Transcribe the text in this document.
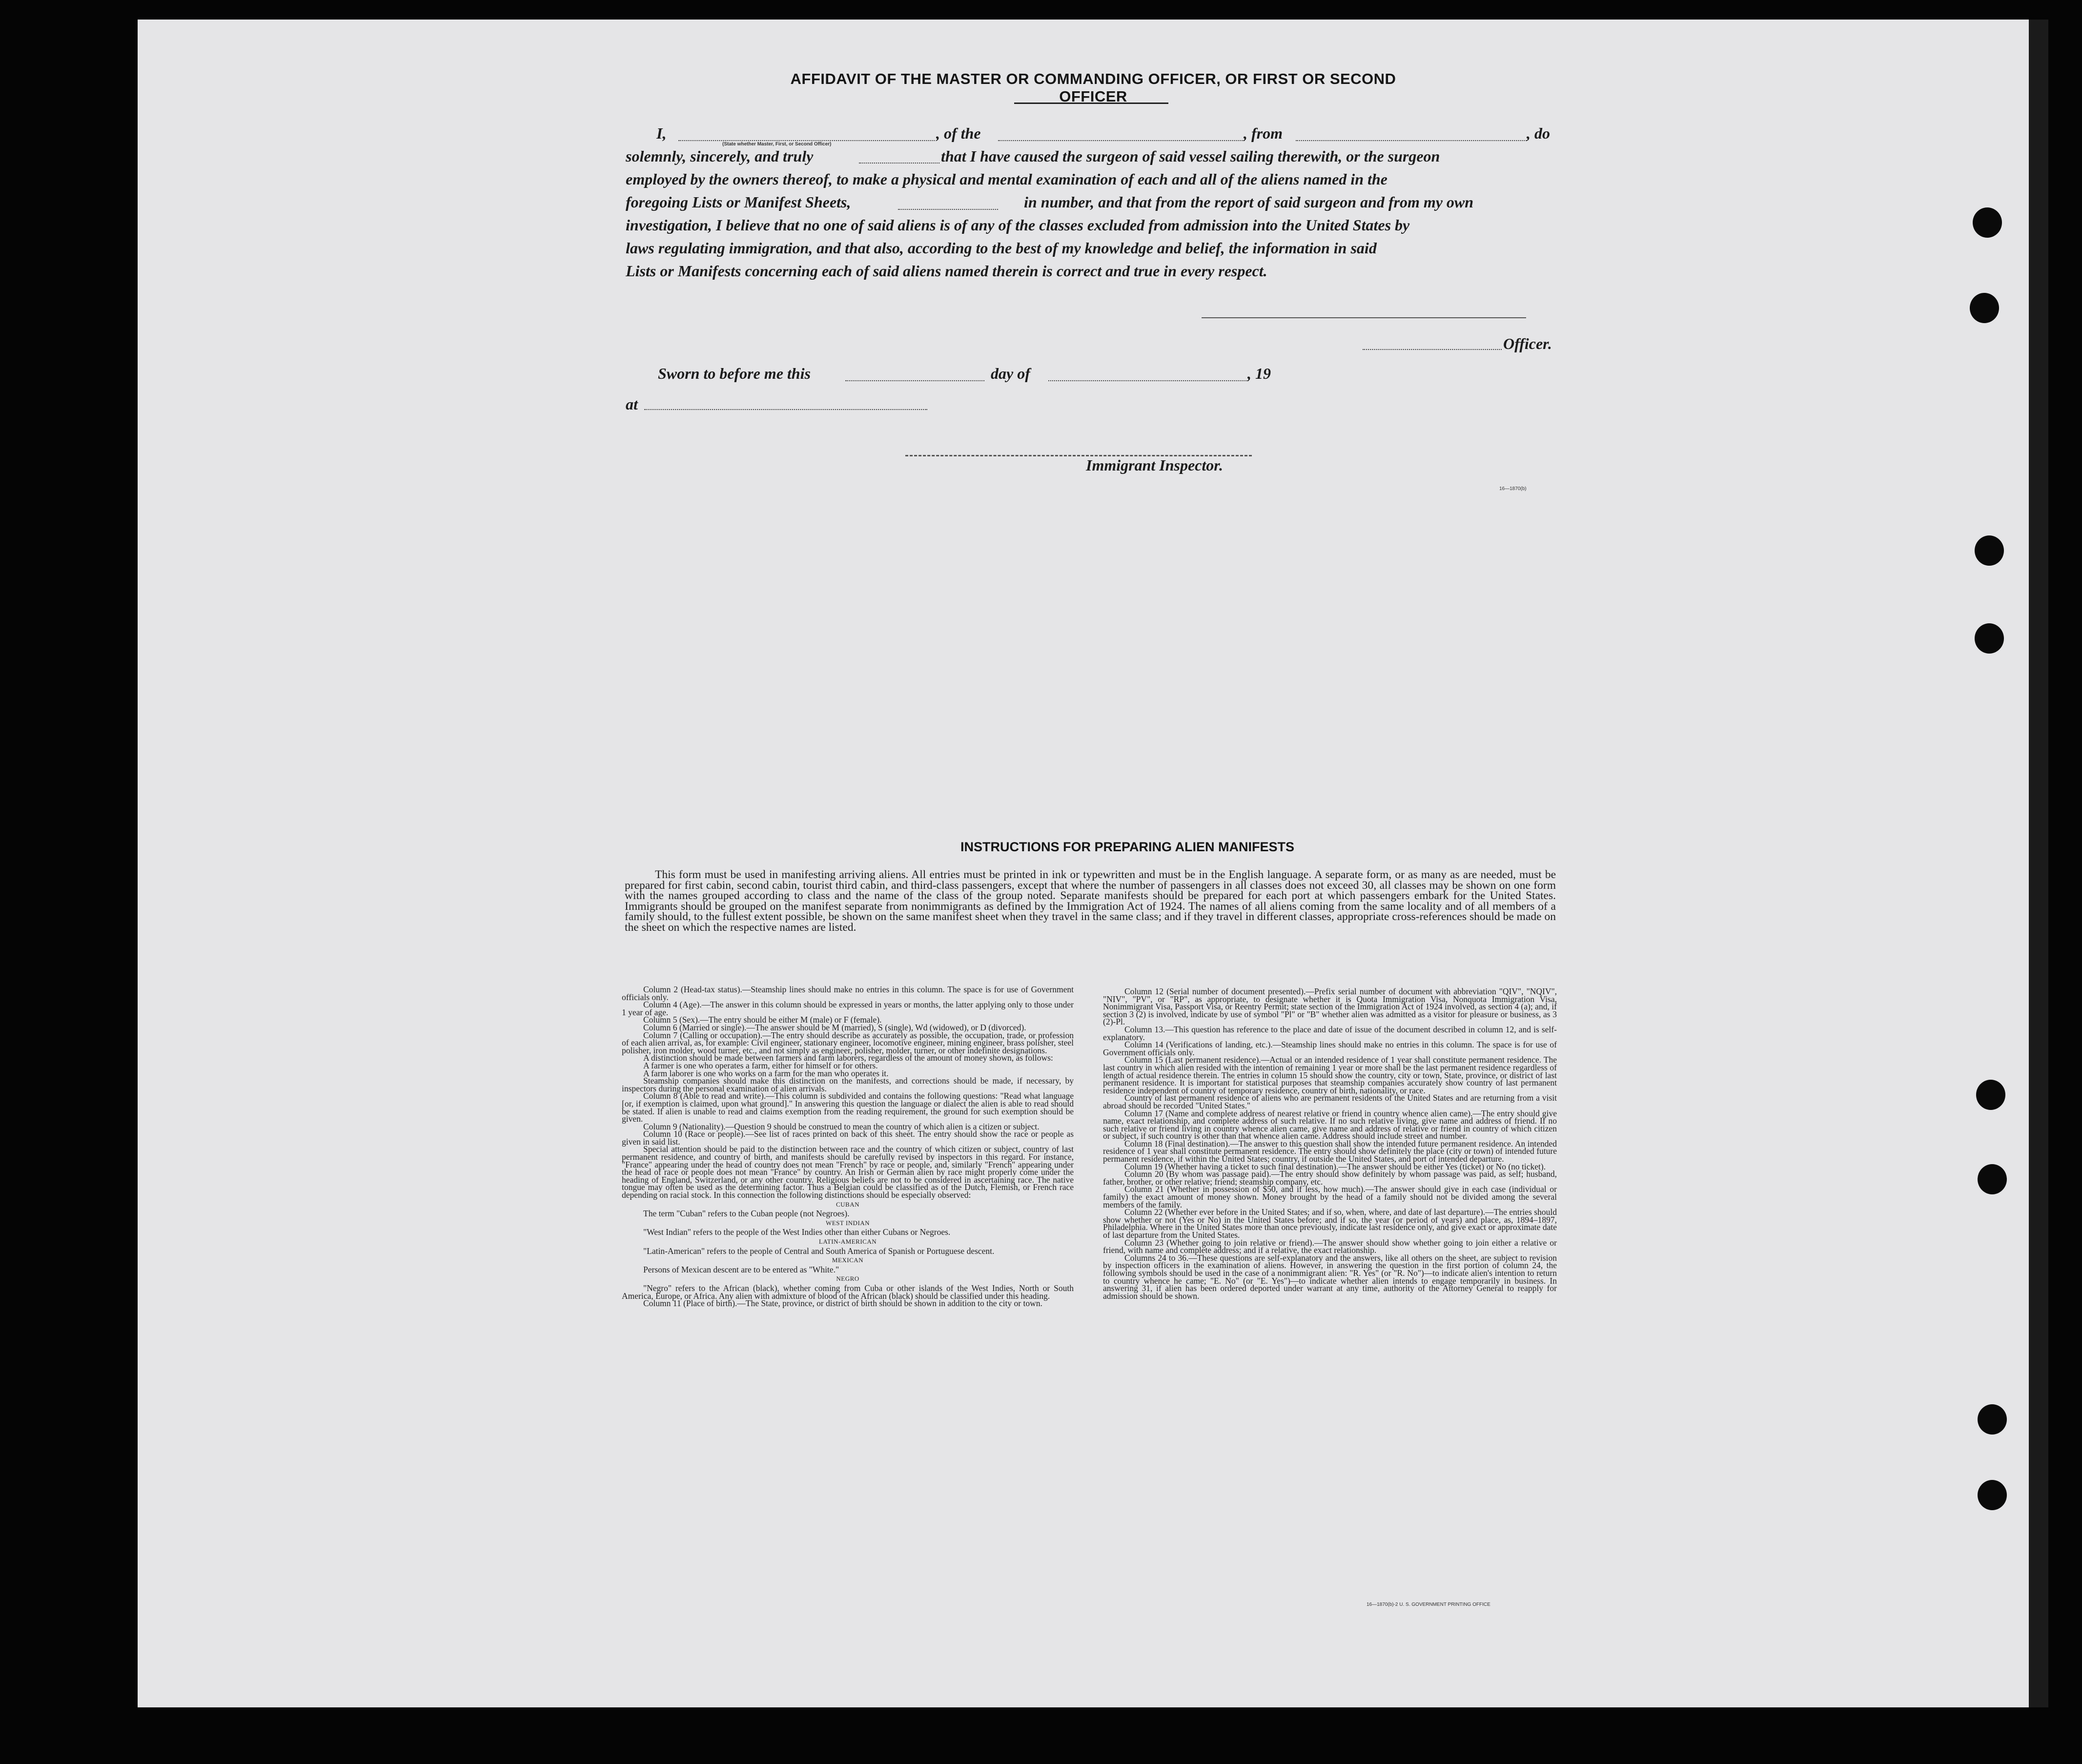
AFFIDAVIT OF THE MASTER OR COMMANDING OFFICER, OR FIRST OR SECOND OFFICER
I,
(State whether Master, First, or Second Officer)
, of the	, from	, do
solemnly, sincerely, and truly	that I have caused the surgeon of said vessel sailing therewith, or the surgeon
employed by the owners thereof, to make a physical and mental examination of each and all of the aliens named in the
foregoing Lists or Manifest Sheets,	in number, and that from the report of said surgeon and from my own
investigation, I believe that no one of said aliens is of any of the classes excluded from admission into the United States by
laws regulating immigration, and that also, according to the best of my knowledge and belief, the information in said
Lists or Manifests concerning each of said aliens named therein is correct and true in every respect.
Officer.
Sworn to before me this	day of	, 19
at
Immigrant Inspector.
16—1870(b)
INSTRUCTIONS FOR PREPARING ALIEN MANIFESTS
This form must be used in manifesting arriving aliens. All entries must be printed in ink or typewritten and must be in the English language. A separate form, or as many as are needed, must be prepared for first cabin, second cabin, tourist third cabin, and third-class passengers, except that where the number of passengers in all classes does not exceed 30, all classes may be shown on one form with the names grouped according to class and the name of the class of the group noted. Separate manifests should be prepared for each port at which passengers embark for the United States. Immigrants should be grouped on the manifest separate from nonimmigrants as defined by the Immigration Act of 1924. The names of all aliens coming from the same locality and of all members of a family should, to the fullest extent possible, be shown on the same manifest sheet when they travel in the same class; and if they travel in different classes, appropriate cross-references should be made on the sheet on which the respective names are listed.

Column 2 (Head-tax status).—Steamship lines should make no entries in this column. The space is for use of Government officials only.

Column 4 (Age).—The answer in this column should be expressed in years or months, the latter applying only to those under 1 year of age.

Column 5 (Sex).—The entry should be either M (male) or F (female).

Column 6 (Married or single).—The answer should be M (married), S (single), Wd (widowed), or D (divorced).

Column 7 (Calling or occupation).—The entry should describe as accurately as possible, the occupation, trade, or profession of each alien arrival, as, for example: Civil engineer, stationary engineer, locomotive engineer, mining engineer, brass polisher, steel polisher, iron molder, wood turner, etc., and not simply as engineer, polisher, molder, turner, or other indefinite designations.

A distinction should be made between farmers and farm laborers, regardless of the amount of money shown, as follows:

A farmer is one who operates a farm, either for himself or for others.

A farm laborer is one who works on a farm for the man who operates it.

Steamship companies should make this distinction on the manifests, and corrections should be made, if necessary, by inspectors during the personal examination of alien arrivals.

Column 8 (Able to read and write).—This column is subdivided and contains the following questions: "Read what language [or, if exemption is claimed, upon what ground]." In answering this question the language or dialect the alien is able to read should be stated. If alien is unable to read and claims exemption from the reading requirement, the ground for such exemption should be given.

Column 9 (Nationality).—Question 9 should be construed to mean the country of which alien is a citizen or subject.

Column 10 (Race or people).—See list of races printed on back of this sheet. The entry should show the race or people as given in said list.

Special attention should be paid to the distinction between race and the country of which citizen or subject, country of last permanent residence, and country of birth, and manifests should be carefully revised by inspectors in this regard. For instance, "France" appearing under the head of country does not mean "French" by race or people, and, similarly "French" appearing under the head of race or people does not mean "France" by country. An Irish or German alien by race might properly come under the heading of England, Switzerland, or any other country. Religious beliefs are not to be considered in ascertaining race. The native tongue may often be used as the determining factor. Thus a Belgian could be classified as of the Dutch, Flemish, or French race depending on racial stock. In this connection the following distinctions should be especially observed:

CUBAN

The term "Cuban" refers to the Cuban people (not Negroes).

WEST INDIAN

"West Indian" refers to the people of the West Indies other than either Cubans or Negroes.

LATIN-AMERICAN

"Latin-American" refers to the people of Central and South America of Spanish or Portuguese descent.

MEXICAN

Persons of Mexican descent are to be entered as "White."

NEGRO

"Negro" refers to the African (black), whether coming from Cuba or other islands of the West Indies, North or South America, Europe, or Africa. Any alien with admixture of blood of the African (black) should be classified under this heading.

Column 11 (Place of birth).—The State, province, or district of birth should be shown in addition to the city or town.

Column 12 (Serial number of document presented).—Prefix serial number of document with abbreviation "QIV", "NQIV", "NIV", "PV", or "RP", as appropriate, to designate whether it is Quota Immigration Visa, Nonquota Immigration Visa, Nonimmigrant Visa, Passport Visa, or Reentry Permit; state section of the Immigration Act of 1924 involved, as section 4 (a); and, if section 3 (2) is involved, indicate by use of symbol "Pl" or "B" whether alien was admitted as a visitor for pleasure or business, as 3 (2)-Pl.

Column 13.—This question has reference to the place and date of issue of the document described in column 12, and is self-explanatory.

Column 14 (Verifications of landing, etc.).—Steamship lines should make no entries in this column. The space is for use of Government officials only.

Column 15 (Last permanent residence).—Actual or an intended residence of 1 year shall constitute permanent residence. The last country in which alien resided with the intention of remaining 1 year or more shall be the last permanent residence regardless of length of actual residence therein. The entries in column 15 should show the country, city or town, State, province, or district of last permanent residence. It is important for statistical purposes that steamship companies accurately show country of last permanent residence independent of country of temporary residence, country of birth, nationality, or race.

Country of last permanent residence of aliens who are permanent residents of the United States and are returning from a visit abroad should be recorded "United States."

Column 17 (Name and complete address of nearest relative or friend in country whence alien came).—The entry should give name, exact relationship, and complete address of such relative. If no such relative living, give name and address of friend. If no such relative or friend living in country whence alien came, give name and address of relative or friend in country of which citizen or subject, if such country is other than that whence alien came. Address should include street and number.

Column 18 (Final destination).—The answer to this question shall show the intended future permanent residence. An intended residence of 1 year shall constitute permanent residence. The entry should show definitely the place (city or town) of intended future permanent residence, if within the United States; country, if outside the United States, and port of intended departure.

Column 19 (Whether having a ticket to such final destination).—The answer should be either Yes (ticket) or No (no ticket).

Column 20 (By whom was passage paid).—The entry should show definitely by whom passage was paid, as self; husband, father, brother, or other relative; friend; steamship company, etc.

Column 21 (Whether in possession of $50, and if less, how much).—The answer should give in each case (individual or family) the exact amount of money shown. Money brought by the head of a family should not be divided among the several members of the family.

Column 22 (Whether ever before in the United States; and if so, when, where, and date of last departure).—The entries should show whether or not (Yes or No) in the United States before; and if so, the year (or period of years) and place, as, 1894–1897, Philadelphia. Where in the United States more than once previously, indicate last residence only, and give exact or approximate date of last departure from the United States.

Column 23 (Whether going to join relative or friend).—The answer should show whether going to join either a relative or friend, with name and complete address; and if a relative, the exact relationship.

Columns 24 to 36.—These questions are self-explanatory and the answers, like all others on the sheet, are subject to revision by inspection officers in the examination of aliens. However, in answering the question in the first portion of column 24, the following symbols should be used in the case of a nonimmigrant alien: "R. Yes" (or "R. No")—to indicate alien's intention to return to country whence he came; "E. No" (or "E. Yes")—to indicate whether alien intends to engage temporarily in business. In answering 31, if alien has been ordered deported under warrant at any time, authority of the Attorney General to reapply for admission should be shown.

16—1870(b)-2 U. S. GOVERNMENT PRINTING OFFICE
